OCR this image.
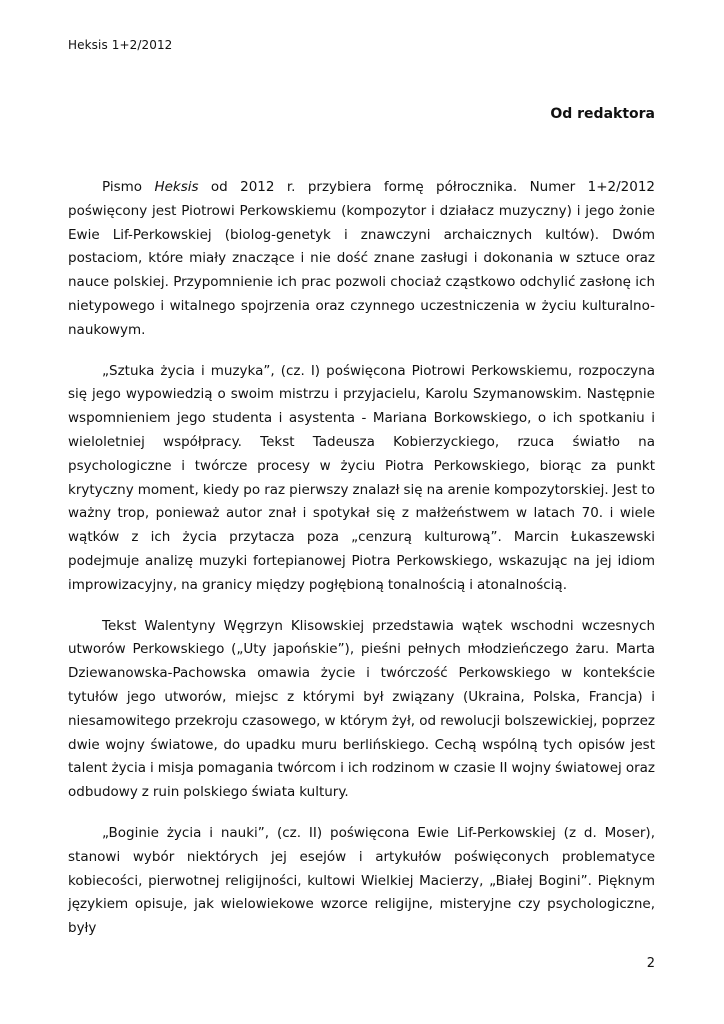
Heksis 1+2/2012
Od redaktora

Pismo Heksis od 2012 r. przybiera formę półrocznika. Numer 1+2/2012 poświęcony jest Piotrowi Perkowskiemu (kompozytor i działacz muzyczny) i jego żonie Ewie Lif-Perkowskiej (biolog-genetyk i znawczyni archaicznych kultów). Dwóm postaciom, które miały znaczące i nie dość znane zasługi i dokonania w sztuce oraz nauce polskiej. Przypomnienie ich prac pozwoli chociaż cząstkowo odchylić zasłonę ich nietypowego i witalnego spojrzenia oraz czynnego uczestniczenia w życiu kulturalno-naukowym.

„Sztuka życia i muzyka”, (cz. I) poświęcona Piotrowi Perkowskiemu, rozpoczyna się jego wypowiedzią o swoim mistrzu i przyjacielu, Karolu Szymanowskim. Następnie wspomnieniem jego studenta i asystenta - Mariana Borkowskiego, o ich spotkaniu i wieloletniej współpracy. Tekst Tadeusza Kobierzyckiego, rzuca światło na psychologiczne i twórcze procesy w życiu Piotra Perkowskiego, biorąc za punkt krytyczny moment, kiedy po raz pierwszy znalazł się na arenie kompozytorskiej. Jest to ważny trop, ponieważ autor znał i spotykał się z małżeństwem w latach 70. i wiele wątków z ich życia przytacza poza „cenzurą kulturową”. Marcin Łukaszewski podejmuje analizę muzyki fortepianowej Piotra Perkowskiego, wskazując na jej idiom improwizacyjny, na granicy między pogłębioną tonalnością i atonalnością.

Tekst Walentyny Węgrzyn Klisowskiej przedstawia wątek wschodni wczesnych utworów Perkowskiego („Uty japońskie”), pieśni pełnych młodzieńczego żaru. Marta Dziewanowska-Pachowska omawia życie i twórczość Perkowskiego w kontekście tytułów jego utworów, miejsc z którymi był związany (Ukraina, Polska, Francja) i niesamowitego przekroju czasowego, w którym żył, od rewolucji bolszewickiej, poprzez dwie wojny światowe, do upadku muru berlińskiego. Cechą wspólną tych opisów jest talent życia i misja pomagania twórcom i ich rodzinom w czasie II wojny światowej oraz odbudowy z ruin polskiego świata kultury.

„Boginie życia i nauki”, (cz. II) poświęcona Ewie Lif-Perkowskiej (z d. Moser), stanowi wybór niektórych jej esejów i artykułów poświęconych problematyce kobiecości, pierwotnej religijności, kultowi Wielkiej Macierzy, „Białej Bogini”. Pięknym językiem opisuje, jak wielowiekowe wzorce religijne, misteryjne czy psychologiczne, były

2
